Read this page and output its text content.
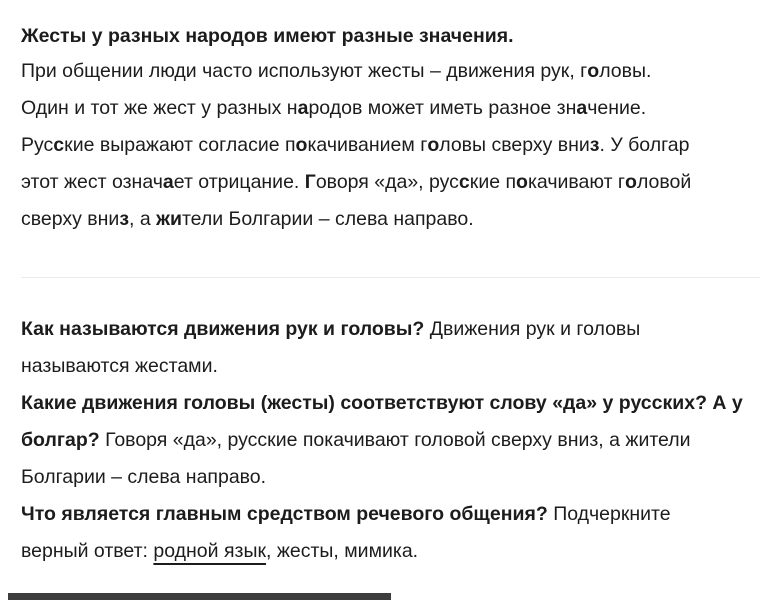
Жесты у разных народов имеют разные значения.

При общении люди часто используют жесты – движения рук, головы.
Один и тот же жест у разных народов может иметь разное значение.
Русские выражают согласие покачиванием головы сверху вниз. У болгар
этот жест означает отрицание. Говоря «да», русские покачивают головой
сверху вниз, а жители Болгарии – слева направо.

Как называются движения рук и головы? Движения рук и головы
называются жестами.

Какие движения головы (жесты) соответствуют слову «да» у русских? А у
болгар? Говоря «да», русские покачивают головой сверху вниз, а жители
Болгарии – слева направо.

Что является главным средством речевого общения? Подчеркните
верный ответ: родной язык, жесты, мимика.
